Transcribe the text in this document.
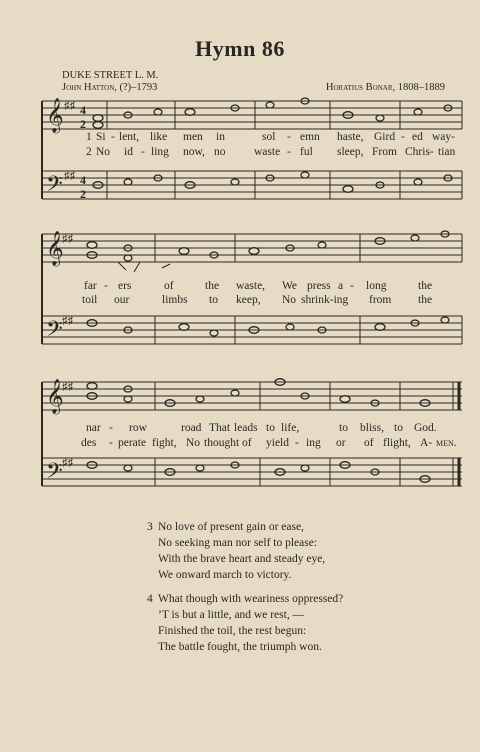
Hymn 86
DUKE STREET L. M.
John Hatton, (?)–1793	Horatius Bonar, 1808–1889
𝄞
𝄢
♯♯
♯♯
4
2
4
2
1 Si - lent, like men in	sol - emn haste, Gird - ed way-
2 No id - ling now, no waste - ful sleep, From Chris- tian
𝄞
𝄢
♯♯
♯♯
far - ers	of	the waste, We press a - long	the
toil our	limbs to keep, No shrink-ing from the
𝄞
𝄢
♯♯
♯♯
nar - row	road That leads to life,	to bliss, to God.
des - perate fight, No thought of yield - ing or of flight, A- men.
3 No love of present gain or ease,
No seeking man nor self to please:
With the brave heart and steady eye,
We onward march to victory.
4 What though with weariness oppressed?
’T is but a little, and we rest, —
Finished the toil, the rest begun:
The battle fought, the triumph won.
